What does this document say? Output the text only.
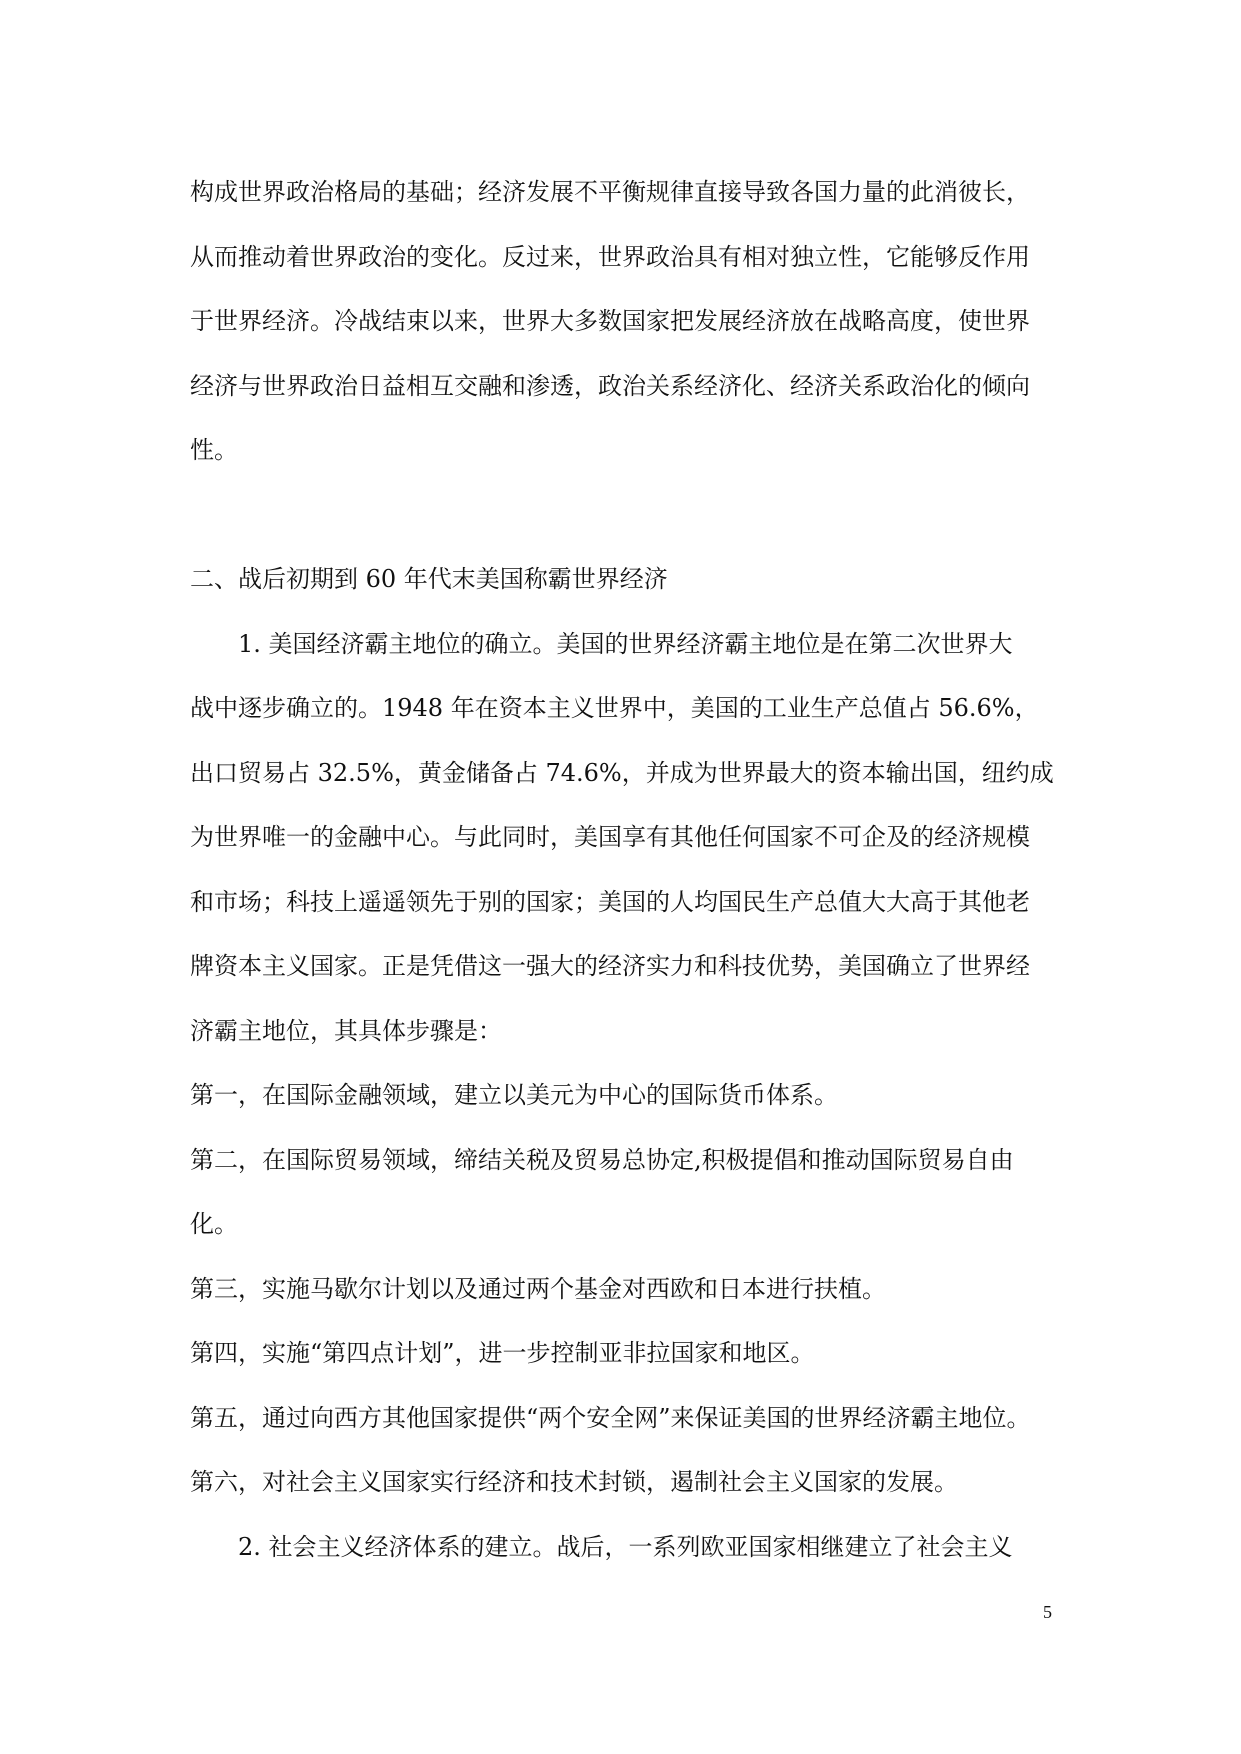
构成世界政治格局的基础；经济发展不平衡规律直接导致各国力量的此消彼长，
从而推动着世界政治的变化。反过来，世界政治具有相对独立性，它能够反作用
于世界经济。冷战结束以来，世界大多数国家把发展经济放在战略高度，使世界
经济与世界政治日益相互交融和渗透，政治关系经济化、经济关系政治化的倾向
性。
二、战后初期到 60 年代末美国称霸世界经济
1. 美国经济霸主地位的确立。美国的世界经济霸主地位是在第二次世界大
战中逐步确立的。1948 年在资本主义世界中，美国的工业生产总值占 56.6%，
出口贸易占 32.5%，黄金储备占 74.6%，并成为世界最大的资本输出国，纽约成
为世界唯一的金融中心。与此同时，美国享有其他任何国家不可企及的经济规模
和市场；科技上遥遥领先于别的国家；美国的人均国民生产总值大大高于其他老
牌资本主义国家。正是凭借这一强大的经济实力和科技优势，美国确立了世界经
济霸主地位，其具体步骤是：
第一，在国际金融领域，建立以美元为中心的国际货币体系。
第二，在国际贸易领域，缔结关税及贸易总协定,积极提倡和推动国际贸易自由
化。
第三，实施马歇尔计划以及通过两个基金对西欧和日本进行扶植。
第四，实施“第四点计划”，进一步控制亚非拉国家和地区。
第五，通过向西方其他国家提供“两个安全网”来保证美国的世界经济霸主地位。
第六，对社会主义国家实行经济和技术封锁，遏制社会主义国家的发展。
2. 社会主义经济体系的建立。战后，一系列欧亚国家相继建立了社会主义
5
